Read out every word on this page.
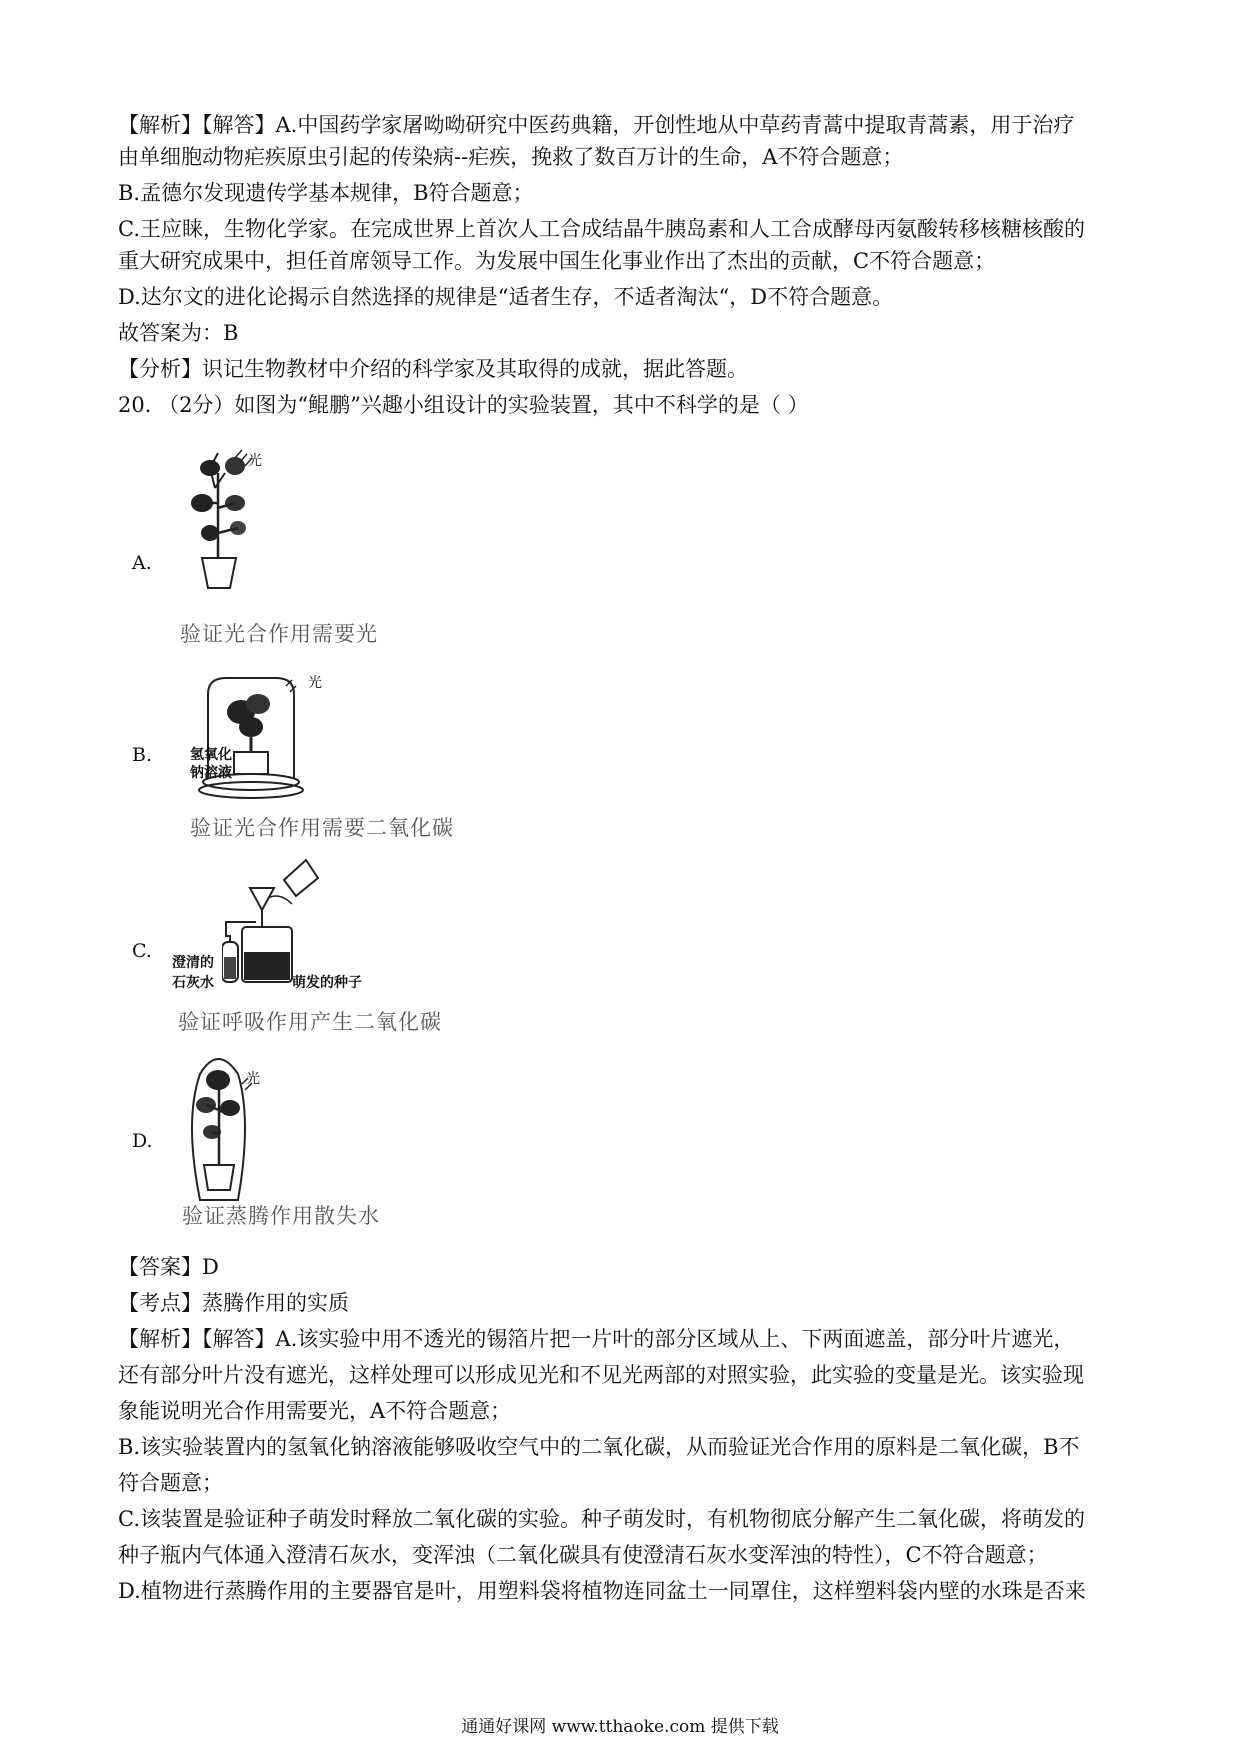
【解析】【解答】A.中国药学家屠呦呦研究中医药典籍，开创性地从中草药青蒿中提取青蒿素，用于治疗
由单细胞动物疟疾原虫引起的传染病--疟疾，挽救了数百万计的生命，A不符合题意；
B.孟德尔发现遗传学基本规律，B符合题意；
C.王应睐，生物化学家。在完成世界上首次人工合成结晶牛胰岛素和人工合成酵母丙氨酸转移核糖核酸的
重大研究成果中，担任首席领导工作。为发展中国生化事业作出了杰出的贡献，C不符合题意；
D.达尔文的进化论揭示自然选择的规律是“适者生存，不适者淘汰“，D不符合题意。
故答案为：B
【分析】识记生物教材中介绍的科学家及其取得的成就，据此答题。
20. （2分）如图为“鲲鹏”兴趣小组设计的实验装置，其中不科学的是（ ）
A.
光
验证光合作用需要光
B.
光
氢氧化
钠溶液
验证光合作用需要二氧化碳
C.
澄清的
石灰水	萌发的种子
验证呼吸作用产生二氧化碳
D.
光
验证蒸腾作用散失水
【答案】D
【考点】蒸腾作用的实质
【解析】【解答】A.该实验中用不透光的锡箔片把一片叶的部分区域从上、下两面遮盖，部分叶片遮光，
还有部分叶片没有遮光，这样处理可以形成见光和不见光两部的对照实验，此实验的变量是光。该实验现
象能说明光合作用需要光，A不符合题意；
B.该实验装置内的氢氧化钠溶液能够吸收空气中的二氧化碳，从而验证光合作用的原料是二氧化碳，B不
符合题意；
C.该装置是验证种子萌发时释放二氧化碳的实验。种子萌发时，有机物彻底分解产生二氧化碳，将萌发的
种子瓶内气体通入澄清石灰水，变浑浊（二氧化碳具有使澄清石灰水变浑浊的特性），C不符合题意；
D.植物进行蒸腾作用的主要器官是叶，用塑料袋将植物连同盆土一同罩住，这样塑料袋内壁的水珠是否来
通通好课网 www.tthaoke.com 提供下载
